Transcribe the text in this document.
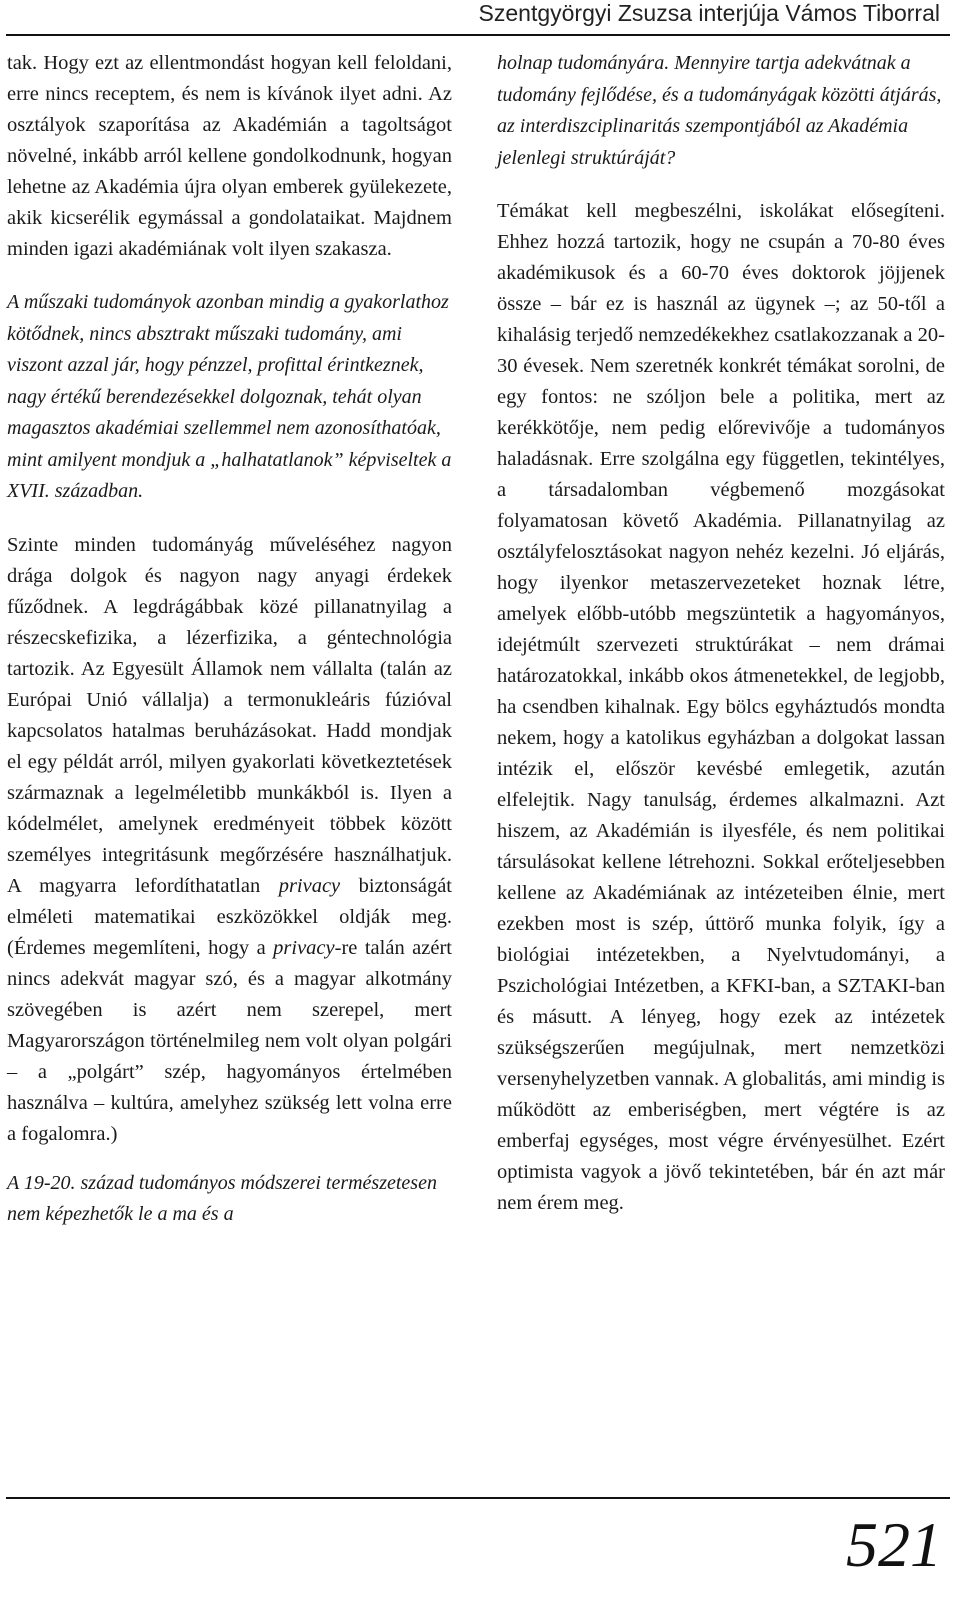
Szentgyörgyi Zsuzsa interjúja Vámos Tiborral

tak. Hogy ezt az ellentmondást hogyan kell feloldani, erre nincs receptem, és nem is kívánok ilyet adni. Az osztályok szaporítása az Akadémián a tagoltságot növelné, inkább arról kellene gondolkodnunk, hogyan lehetne az Akadémia újra olyan emberek gyülekezete, akik kicserélik egymással a gondolataikat. Majdnem minden igazi akadémiának volt ilyen szakasza.

A műszaki tudományok azonban mindig a gyakorlathoz kötődnek, nincs absztrakt műszaki tudomány, ami viszont azzal jár, hogy pénzzel, profittal érintkeznek, nagy értékű berendezésekkel dolgoznak, tehát olyan magasztos akadémiai szellemmel nem azonosíthatóak, mint amilyent mondjuk a „halhatatlanok” képviseltek a XVII. században.

Szinte minden tudományág műveléséhez nagyon drága dolgok és nagyon nagy anyagi érdekek fűződnek. A legdrágábbak közé pillanatnyilag a részecskefizika, a lézerfizika, a géntechnológia tartozik. Az Egyesült Államok nem vállalta (talán az Európai Unió vállalja) a termonukleáris fúzióval kapcsolatos hatalmas beruházásokat. Hadd mondjak el egy példát arról, milyen gyakorlati következtetések származnak a legelméletibb munkákból is. Ilyen a kódelmélet, amelynek eredményeit többek között személyes integritásunk megőrzésére használhatjuk. A magyarra lefordíthatatlan privacy biztonságát elméleti matematikai eszközökkel oldják meg. (Érdemes megemlíteni, hogy a privacy-re talán azért nincs adekvát magyar szó, és a magyar alkotmány szövegében is azért nem szerepel, mert Magyarországon történelmileg nem volt olyan polgári – a „polgárt” szép, hagyományos értelmében használva – kultúra, amelyhez szükség lett volna erre a fogalomra.)

A 19-20. század tudományos módszerei természetesen nem képezhetők le a ma és a

holnap tudományára. Mennyire tartja adekvátnak a tudomány fejlődése, és a tudományágak közötti átjárás, az interdiszciplinaritás szempontjából az Akadémia jelenlegi struktúráját?

Témákat kell megbeszélni, iskolákat elősegíteni. Ehhez hozzá tartozik, hogy ne csupán a 70-80 éves akadémikusok és a 60-70 éves doktorok jöjjenek össze – bár ez is használ az ügynek –; az 50-től a kihalásig terjedő nemzedékekhez csatlakozzanak a 20-30 évesek. Nem szeretnék konkrét témákat sorolni, de egy fontos: ne szóljon bele a politika, mert az kerékkötője, nem pedig előrevivője a tudományos haladásnak. Erre szolgálna egy független, tekintélyes, a társadalomban végbemenő mozgásokat folyamatosan követő Akadémia. Pillanatnyilag az osztályfelosztásokat nagyon nehéz kezelni. Jó eljárás, hogy ilyenkor metaszervezeteket hoznak létre, amelyek előbb-utóbb megszüntetik a hagyományos, idejétmúlt szervezeti struktúrákat – nem drámai határozatokkal, inkább okos átmenetekkel, de legjobb, ha csendben kihalnak. Egy bölcs egyháztudós mondta nekem, hogy a katolikus egyházban a dolgokat lassan intézik el, először kevésbé emlegetik, azután elfelejtik. Nagy tanulság, érdemes alkalmazni. Azt hiszem, az Akadémián is ilyesféle, és nem politikai társulásokat kellene létrehozni. Sokkal erőteljesebben kellene az Akadémiának az intézeteiben élnie, mert ezekben most is szép, úttörő munka folyik, így a biológiai intézetekben, a Nyelvtudományi, a Pszichológiai Intézetben, a KFKI-ban, a SZTAKI-ban és másutt. A lényeg, hogy ezek az intézetek szükségszerűen megújulnak, mert nemzetközi versenyhelyzetben vannak. A globalitás, ami mindig is működött az emberiségben, mert végtére is az emberfaj egységes, most végre érvényesülhet. Ezért optimista vagyok a jövő tekintetében, bár én azt már nem érem meg.

521
